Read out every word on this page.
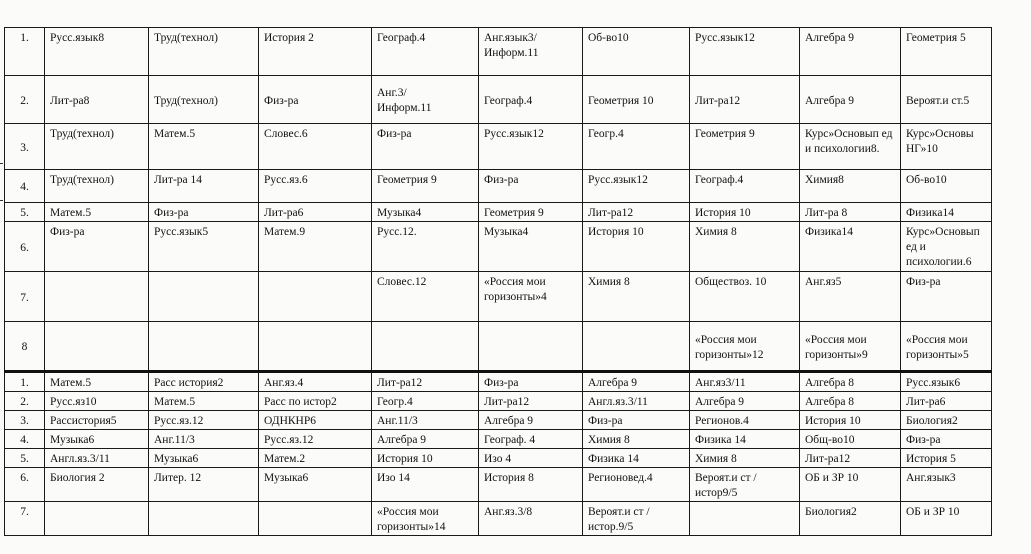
1.	Русс.язык8	Труд(технол)	История 2	Географ.4	Анг.язык3/
Информ.11	Об-во10	Русс.язык12	Алгебра 9	Геометрия 5
2.	Лит-ра8	Труд(технол)	Физ-ра	Анг.3/
Информ.11	Географ.4	Геометрия 10	Лит-ра12	Алгебра 9	Вероят.и ст.5
3.	Труд(технол)	Матем.5	Словес.6	Физ-ра	Русс.язык12	Геогр.4	Геометрия 9	Курс»Основып ед и психологии8.	Курс»Основы НГ»10
4.	Труд(технол)	Лит-ра 14	Русс.яз.6	Геометрия 9	Физ-ра	Русс.язык12	Географ.4	Химия8	Об-во10
5.	Матем.5	Физ-ра	Лит-ра6	Музыка4	Геометрия 9	Лит-ра12	История 10	Лит-ра 8	Физика14
6.	Физ-ра	Русс.язык5	Матем.9	Русс.12.	Музыка4	История 10	Химия 8	Физика14	Курс»Основып ед и психологии.6
7.				Словес.12	«Россия мои горизонты»4	Химия 8	Обществоз. 10	Анг.яз5	Физ-ра
8							«Россия мои горизонты»12	«Россия мои горизонты»9	«Россия мои горизонты»5
1.	Матем.5	Расс история2	Анг.яз.4	Лит-ра12	Физ-ра	Алгебра 9	Анг.яз3/11	Алгебра 8	Русс.язык6
2.	Русс.яз10	Матем.5	Расс по истор2	Геогр.4	Лит-ра12	Англ.яз.3/11	Алгебра 9	Алгебра 8	Лит-ра6
3.	Рассистория5	Русс.яз.12	ОДНКНР6	Анг.11/3	Алгебра 9	Физ-ра	Регионов.4	История 10	Биология2
4.	Музыка6	Анг.11/3	Русс.яз.12	Алгебра 9	Географ. 4	Химия 8	Физика 14	Общ-во10	Физ-ра
5.	Англ.яз.3/11	Музыка6	Матем.2	История 10	Изо 4	Физика 14	Химия 8	Лит-ра12	История 5
6.	Биология 2	Литер. 12	Музыка6	Изо 14	История 8	Регионовед.4	Вероят.и ст /истор9/5	ОБ и ЗР 10	Анг.язык3
7.				«Россия мои горизонты»14	Анг.яз.3/8	Вероят.и ст /истор.9/5		Биология2	ОБ и ЗР 10
